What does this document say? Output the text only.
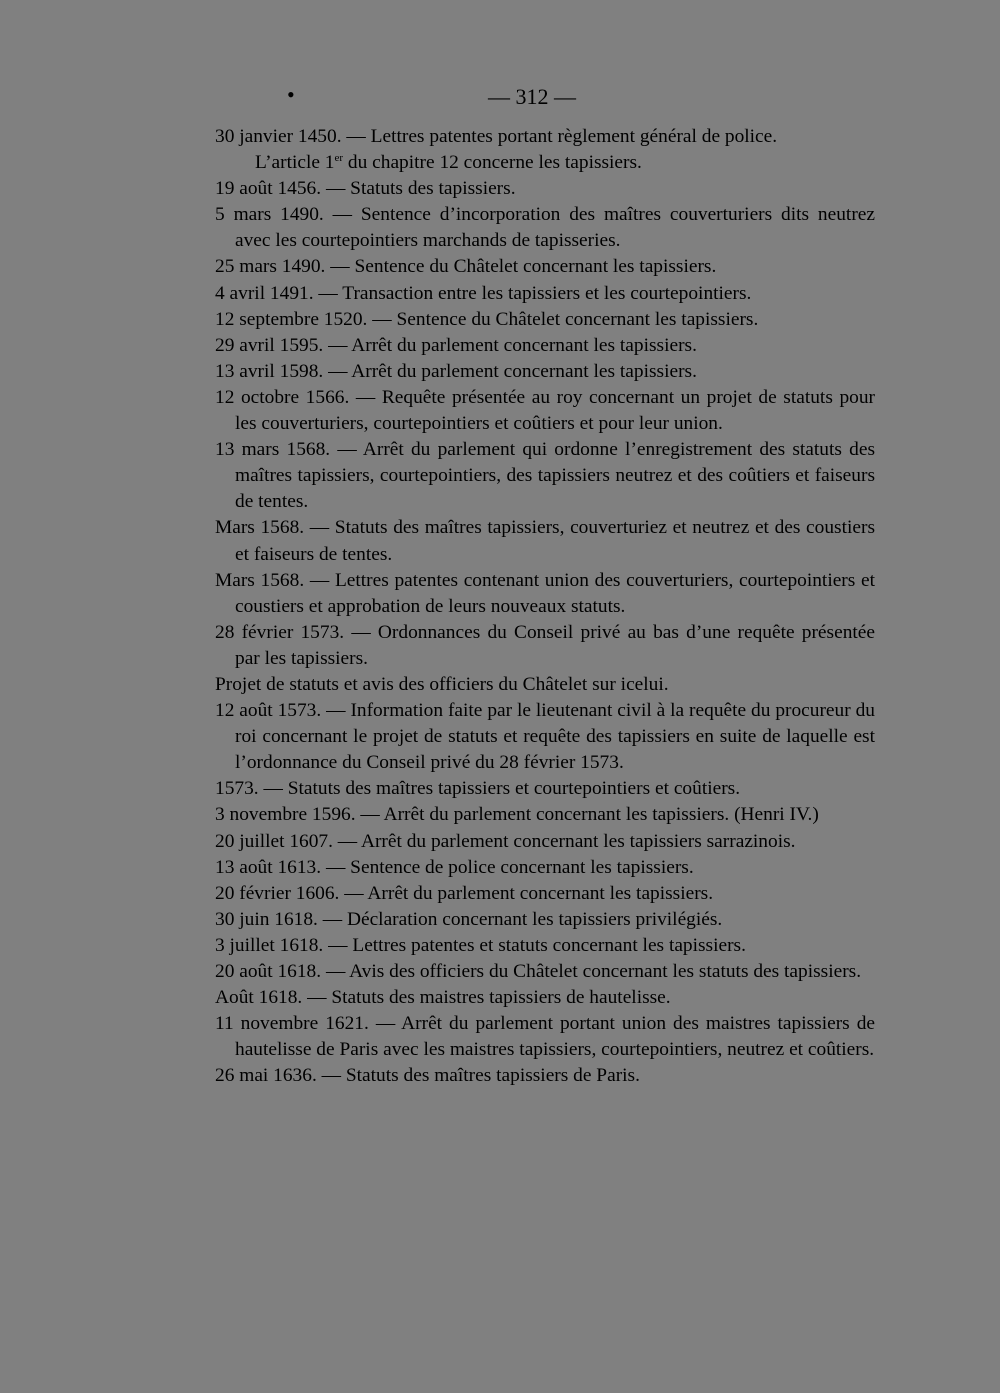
•	— 312 —
30 janvier 1450. — Lettres patentes portant règlement général de police.
L’article 1er du chapitre 12 concerne les tapissiers.
19 août 1456. — Statuts des tapissiers.
5 mars 1490. — Sentence d’incorporation des maîtres couverturiers dits neutrez avec les courtepointiers marchands de tapisseries.
25 mars 1490. — Sentence du Châtelet concernant les tapissiers.
4 avril 1491. — Transaction entre les tapissiers et les courtepointiers.
12 septembre 1520. — Sentence du Châtelet concernant les tapissiers.
29 avril 1595. — Arrêt du parlement concernant les tapissiers.
13 avril 1598. — Arrêt du parlement concernant les tapissiers.
12 octobre 1566. — Requête présentée au roy concernant un projet de statuts pour les couverturiers, courtepointiers et coûtiers et pour leur union.
13 mars 1568. — Arrêt du parlement qui ordonne l’enregistrement des statuts des maîtres tapissiers, courtepointiers, des tapissiers neutrez et des coûtiers et faiseurs de tentes.
Mars 1568. — Statuts des maîtres tapissiers, couverturiez et neutrez et des coustiers et faiseurs de tentes.
Mars 1568. — Lettres patentes contenant union des couverturiers, courtepointiers et coustiers et approbation de leurs nouveaux statuts.
28 février 1573. — Ordonnances du Conseil privé au bas d’une requête présentée par les tapissiers.
Projet de statuts et avis des officiers du Châtelet sur icelui.
12 août 1573. — Information faite par le lieutenant civil à la requête du procureur du roi concernant le projet de statuts et requête des tapissiers en suite de laquelle est l’ordonnance du Conseil privé du 28 février 1573.
1573. — Statuts des maîtres tapissiers et courtepointiers et coûtiers.
3 novembre 1596. — Arrêt du parlement concernant les tapissiers. (Henri IV.)
20 juillet 1607. — Arrêt du parlement concernant les tapissiers sarrazinois.
13 août 1613. — Sentence de police concernant les tapissiers.
20 février 1606. — Arrêt du parlement concernant les tapissiers.
30 juin 1618. — Déclaration concernant les tapissiers privilégiés.
3 juillet 1618. — Lettres patentes et statuts concernant les tapissiers.
20 août 1618. — Avis des officiers du Châtelet concernant les statuts des tapissiers.
Août 1618. — Statuts des maistres tapissiers de hautelisse.
11 novembre 1621. — Arrêt du parlement portant union des maistres tapissiers de hautelisse de Paris avec les maistres tapissiers, courtepointiers, neutrez et coûtiers.
26 mai 1636. — Statuts des maîtres tapissiers de Paris.
